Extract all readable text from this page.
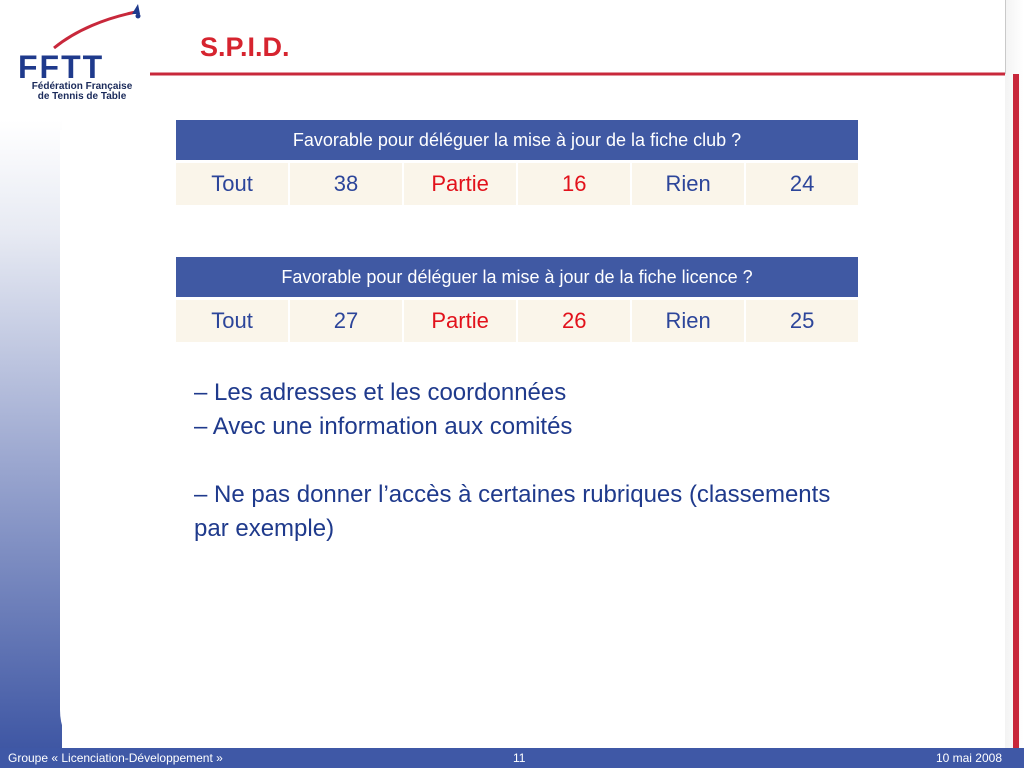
FFTT
Fédération Française
de Tennis de Table
S.P.I.D.
Favorable pour déléguer la mise à jour de la fiche club ?

Tout	38	Partie	16	Rien	24
Favorable pour déléguer la mise à jour de la fiche licence ?

Tout	27	Partie	26	Rien	25
– Les adresses et les coordonnées
– Avec une information aux comités
– Ne pas donner l’accès à certaines rubriques (classements par exemple)
Groupe « Licenciation-Développement »	11	10 mai 2008
